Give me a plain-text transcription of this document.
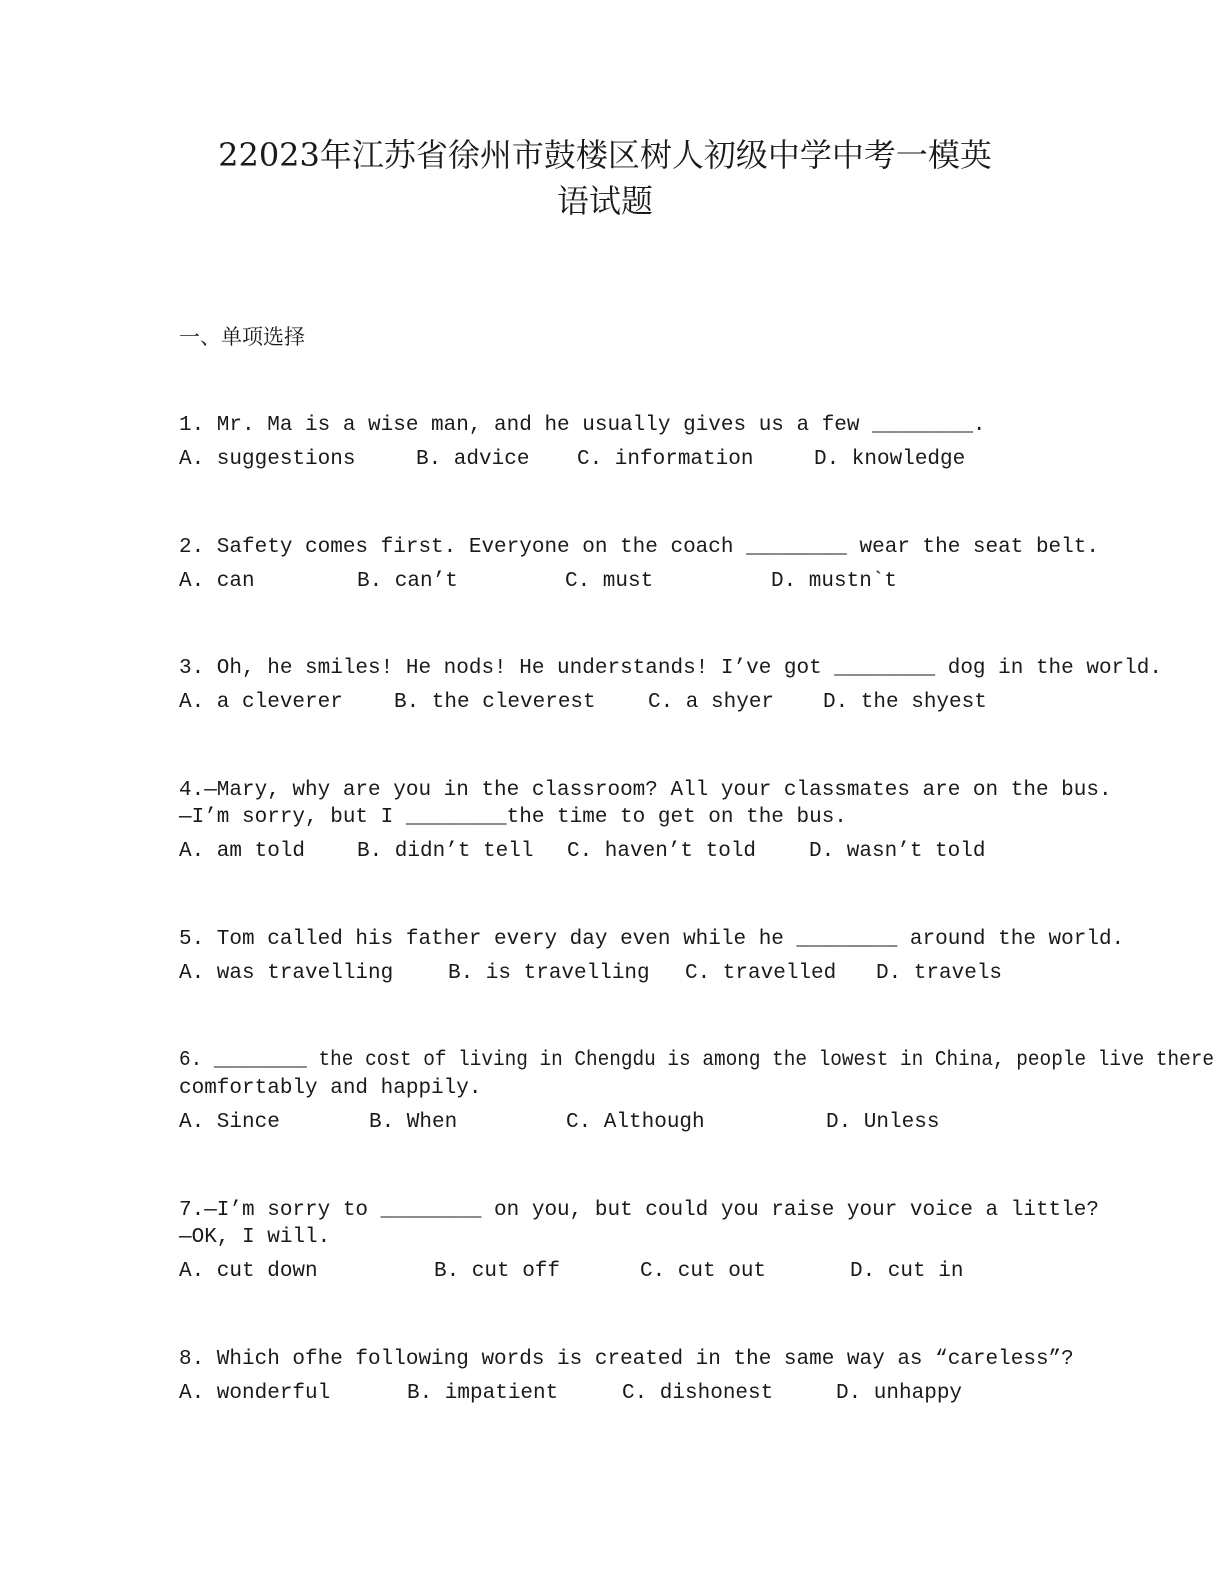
22023年江苏省徐州市鼓楼区树人初级中学中考一模英
语试题

一、单项选择

1. Mr. Ma is a wise man, and he usually gives us a few ________.

A. suggestions	B. advice C. information	D. knowledge

2. Safety comes first. Everyone on the coach ________ wear the seat belt.

A. can	B. can’t	C. must	D. mustn`t

3. Oh, he smiles! He nods! He understands! I’ve got ________ dog in the world.

A. a cleverer B. the cleverest C. a shyer D. the shyest

4.—Mary, why are you in the classroom? All your classmates are on the bus.

—I’m sorry, but I ________the time to get on the bus.

A. am told B. didn’t tell C. haven’t told	D. wasn’t told

5. Tom called his father every day even while he ________ around the world.

A. was travelling	B. is travelling C. travelled D. travels

6. ________ the cost of living in Chengdu is among the lowest in China, people live there

comfortably and happily.

A. Since	B. When	C. Although	D. Unless

7.—I’m sorry to ________ on you, but could you raise your voice a little?

—OK, I will.

A. cut down	B. cut off	C. cut out	D. cut in

8. Which ofhe following words is created in the same way as “careless”?

A. wonderful	B. impatient	C. dishonest	D. unhappy
